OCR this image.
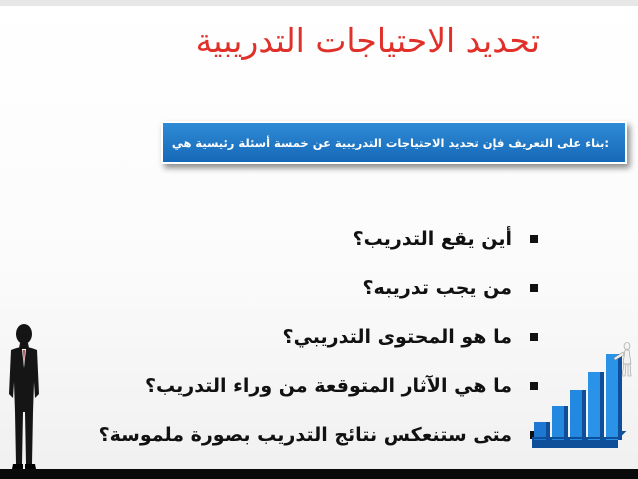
تحديد الاحتياجات التدريبية
:بناء على التعريف فإن تحديد الاحتياجات التدريبية عن خمسة أسئلة رئيسية هي
أين يقع التدريب؟
من يجب تدريبه؟
ما هو المحتوى التدريبي؟
ما هي الآثار المتوقعة من وراء التدريب؟
متى ستنعكس نتائج التدريب بصورة ملموسة؟
